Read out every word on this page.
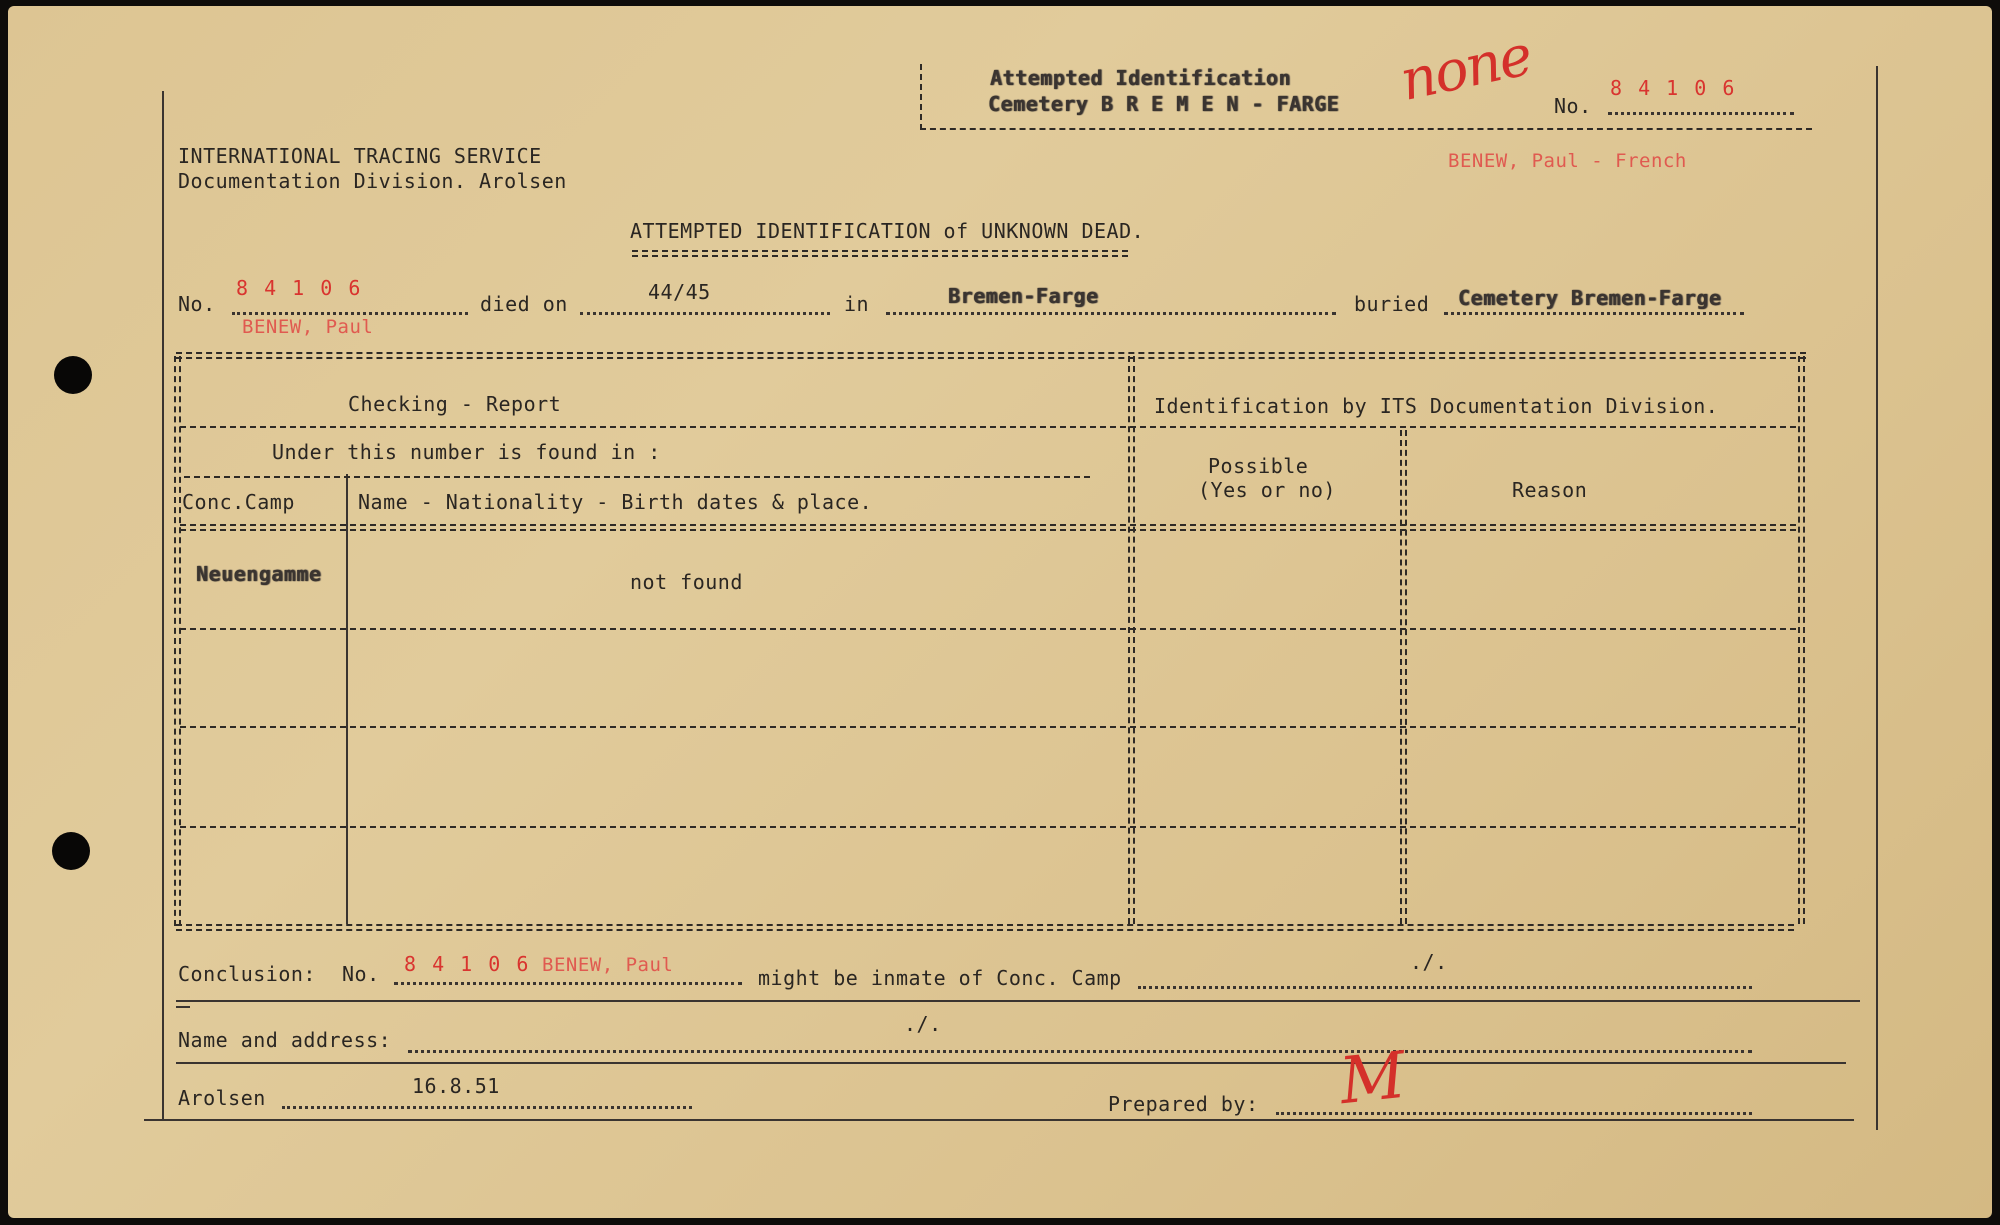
Attempted Identification
Cemetery B R E M E N - FARGE	No.
8 4 1 0 6
none
INTERNATIONAL TRACING SERVICE
Documentation Division. Arolsen
BENEW, Paul - French
ATTEMPTED IDENTIFICATION of UNKNOWN DEAD.
No.
8 4 1 0 6
died on	44/45	in	Bremen-Farge	buried Cemetery Bremen-Farge
BENEW, Paul
Checking - Report	Identification by ITS Documentation Division.
Under this number is found in :
Conc.Camp	Name - Nationality - Birth dates & place.
Possible
(Yes or no)	Reason
Neuengamme	not found
Conclusion: No. 8 4 1 0 6 BENEW, Paul
might be inmate of Conc. Camp
./.
Name and address:
./.
Arolsen	16.8.51
Prepared by: M
